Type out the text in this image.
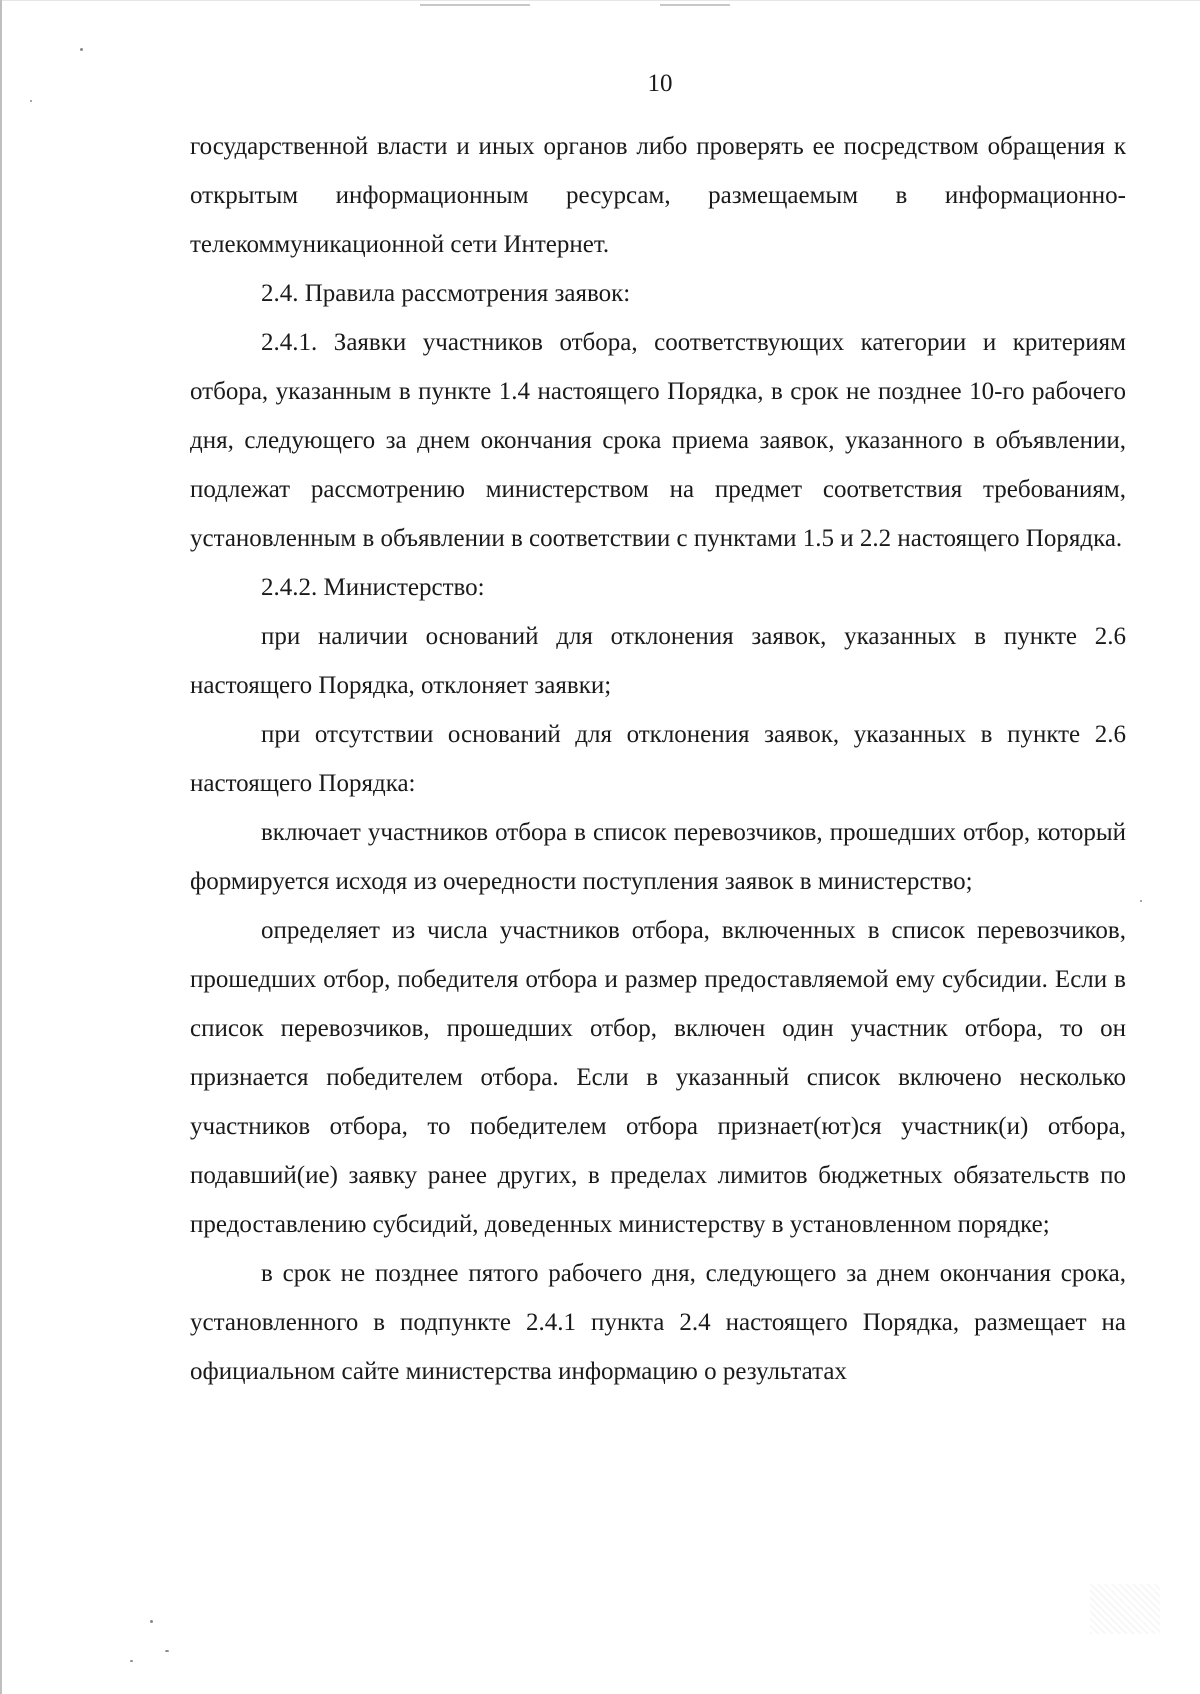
10

государственной власти и иных органов либо проверять ее посредством обращения к открытым информационным ресурсам, размещаемым в информационно-телекоммуникационной сети Интернет.

2.4. Правила рассмотрения заявок:

2.4.1. Заявки участников отбора, соответствующих категории и критериям отбора, указанным в пункте 1.4 настоящего Порядка, в срок не позднее 10-го рабочего дня, следующего за днем окончания срока приема заявок, указанного в объявлении, подлежат рассмотрению министерством на предмет соответствия требованиям, установленным в объявлении в соответствии с пунктами 1.5 и 2.2 настоящего Порядка.

2.4.2. Министерство:

при наличии оснований для отклонения заявок, указанных в пункте 2.6 настоящего Порядка, отклоняет заявки;

при отсутствии оснований для отклонения заявок, указанных в пункте 2.6 настоящего Порядка:

включает участников отбора в список перевозчиков, прошедших отбор, который формируется исходя из очередности поступления заявок в министерство;

определяет из числа участников отбора, включенных в список перевозчиков, прошедших отбор, победителя отбора и размер предоставляемой ему субсидии. Если в список перевозчиков, прошедших отбор, включен один участник отбора, то он признается победителем отбора. Если в указанный список включено несколько участников отбора, то победителем отбора признает(ют)ся участник(и) отбора, подавший(ие) заявку ранее других, в пределах лимитов бюджетных обязательств по предоставлению субсидий, доведенных министерству в установленном порядке;

в срок не позднее пятого рабочего дня, следующего за днем окончания срока, установленного в подпункте 2.4.1 пункта 2.4 настоящего Порядка, размещает на официальном сайте министерства информацию о результатах
